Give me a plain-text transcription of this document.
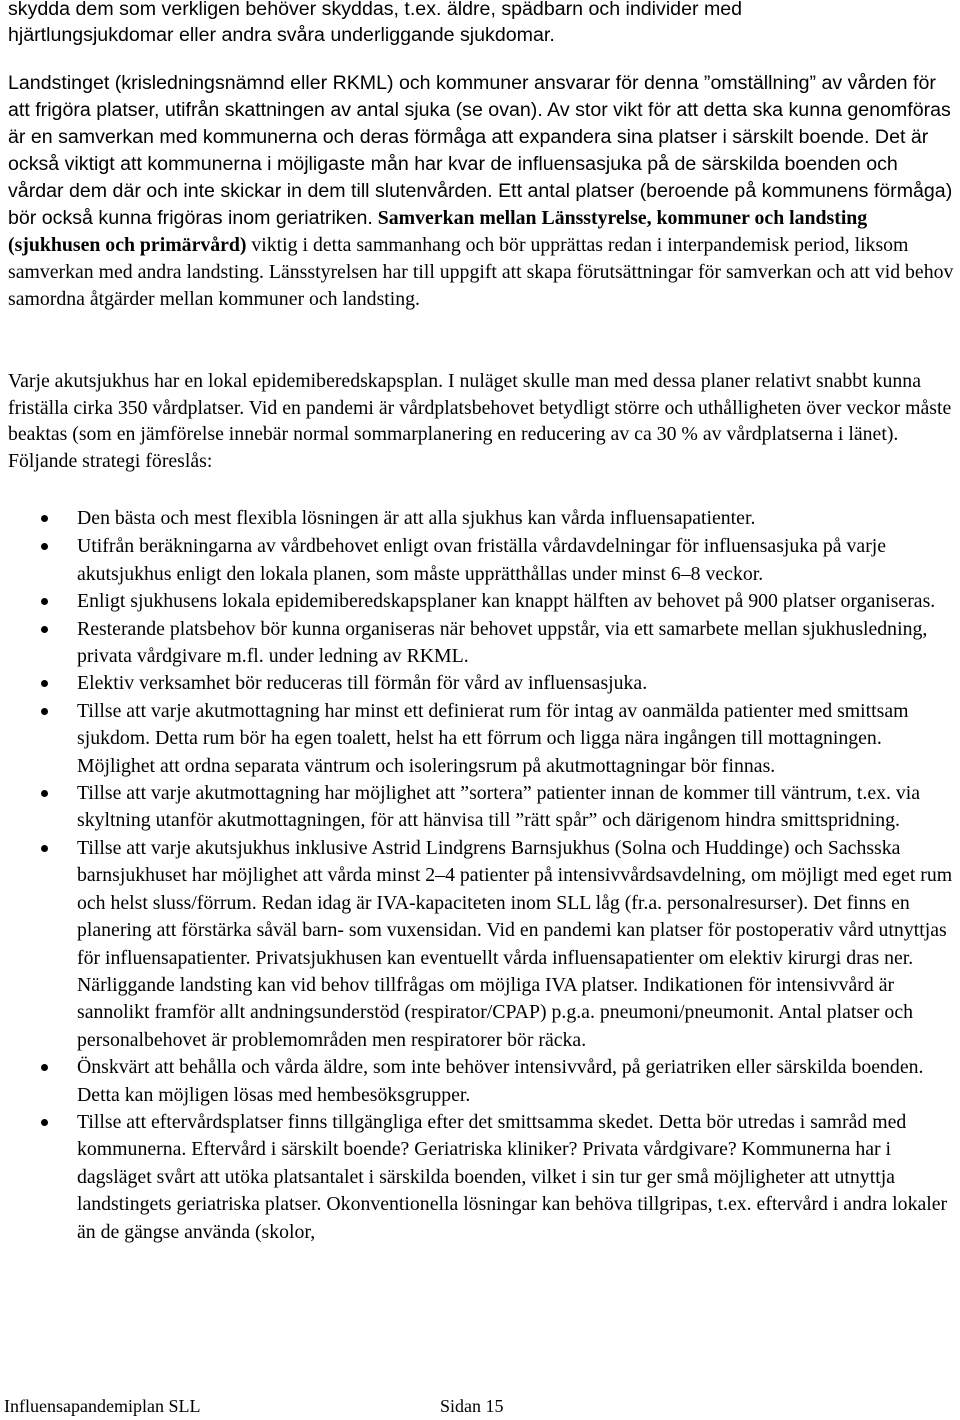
skydda dem som verkligen behöver skyddas, t.ex. äldre, spädbarn och individer med
hjärtlungsjukdomar eller andra svåra underliggande sjukdomar.

Landstinget (krisledningsnämnd eller RKML) och kommuner ansvarar för denna ”omställning” av vården för att frigöra platser, utifrån skattningen av antal sjuka (se ovan). Av stor vikt för att detta ska kunna genomföras är en samverkan med kommunerna och deras förmåga att expandera sina platser i särskilt boende. Det är också viktigt att kommunerna i möjligaste mån har kvar de influensasjuka på de särskilda boenden och vårdar dem där och inte skickar in dem till slutenvården. Ett antal platser (beroende på kommunens förmåga) bör också kunna frigöras inom geriatriken. Samverkan mellan Länsstyrelse, kommuner och landsting (sjukhusen och primärvård) viktig i detta sammanhang och bör upprättas redan i interpandemisk period, liksom samverkan med andra landsting. Länsstyrelsen har till uppgift att skapa förutsättningar för samverkan och att vid behov samordna åtgärder mellan kommuner och landsting.

Varje akutsjukhus har en lokal epidemiberedskapsplan. I nuläget skulle man med dessa planer relativt snabbt kunna friställa cirka 350 vårdplatser. Vid en pandemi är vårdplatsbehovet betydligt större och uthålligheten över veckor måste beaktas (som en jämförelse innebär normal sommarplanering en reducering av ca 30 % av vårdplatserna i länet). Följande strategi föreslås:

Den bästa och mest flexibla lösningen är att alla sjukhus kan vårda influensapatienter.
Utifrån beräkningarna av vårdbehovet enligt ovan friställa vårdavdelningar för influensasjuka på varje akutsjukhus enligt den lokala planen, som måste upprätthållas under minst 6–8 veckor.
Enligt sjukhusens lokala epidemiberedskapsplaner kan knappt hälften av behovet på 900 platser organiseras.
Resterande platsbehov bör kunna organiseras när behovet uppstår, via ett samarbete mellan sjukhusledning, privata vårdgivare m.fl. under ledning av RKML.
Elektiv verksamhet bör reduceras till förmån för vård av influensasjuka.
Tillse att varje akutmottagning har minst ett definierat rum för intag av oanmälda patienter med smittsam sjukdom. Detta rum bör ha egen toalett, helst ha ett förrum och ligga nära ingången till mottagningen. Möjlighet att ordna separata väntrum och isoleringsrum på akutmottagningar bör finnas.
Tillse att varje akutmottagning har möjlighet att ”sortera” patienter innan de kommer till väntrum, t.ex. via skyltning utanför akutmottagningen, för att hänvisa till ”rätt spår” och därigenom hindra smittspridning.
Tillse att varje akutsjukhus inklusive Astrid Lindgrens Barnsjukhus (Solna och Huddinge) och Sachsska barnsjukhuset har möjlighet att vårda minst 2–4 patienter på intensivvårdsavdelning, om möjligt med eget rum och helst sluss/förrum. Redan idag är IVA-kapaciteten inom SLL låg (fr.a. personalresurser). Det finns en planering att förstärka såväl barn- som vuxensidan. Vid en pandemi kan platser för postoperativ vård utnyttjas för influensapatienter. Privatsjukhusen kan eventuellt vårda influensapatienter om elektiv kirurgi dras ner. Närliggande landsting kan vid behov tillfrågas om möjliga IVA platser. Indikationen för intensivvård är sannolikt framför allt andningsunderstöd (respirator/CPAP) p.g.a. pneumoni/pneumonit. Antal platser och personalbehovet är problemområden men respiratorer bör räcka.
Önskvärt att behålla och vårda äldre, som inte behöver intensivvård, på geriatriken eller särskilda boenden. Detta kan möjligen lösas med hembesöksgrupper.
Tillse att eftervårdsplatser finns tillgängliga efter det smittsamma skedet. Detta bör utredas i samråd med kommunerna. Eftervård i särskilt boende? Geriatriska kliniker? Privata vårdgivare? Kommunerna har i dagsläget svårt att utöka platsantalet i särskilda boenden, vilket i sin tur ger små möjligheter att utnyttja landstingets geriatriska platser. Okonventionella lösningar kan behöva tillgripas, t.ex. eftervård i andra lokaler än de gängse använda (skolor,
Influensapandemiplan SLL	Sidan 15
